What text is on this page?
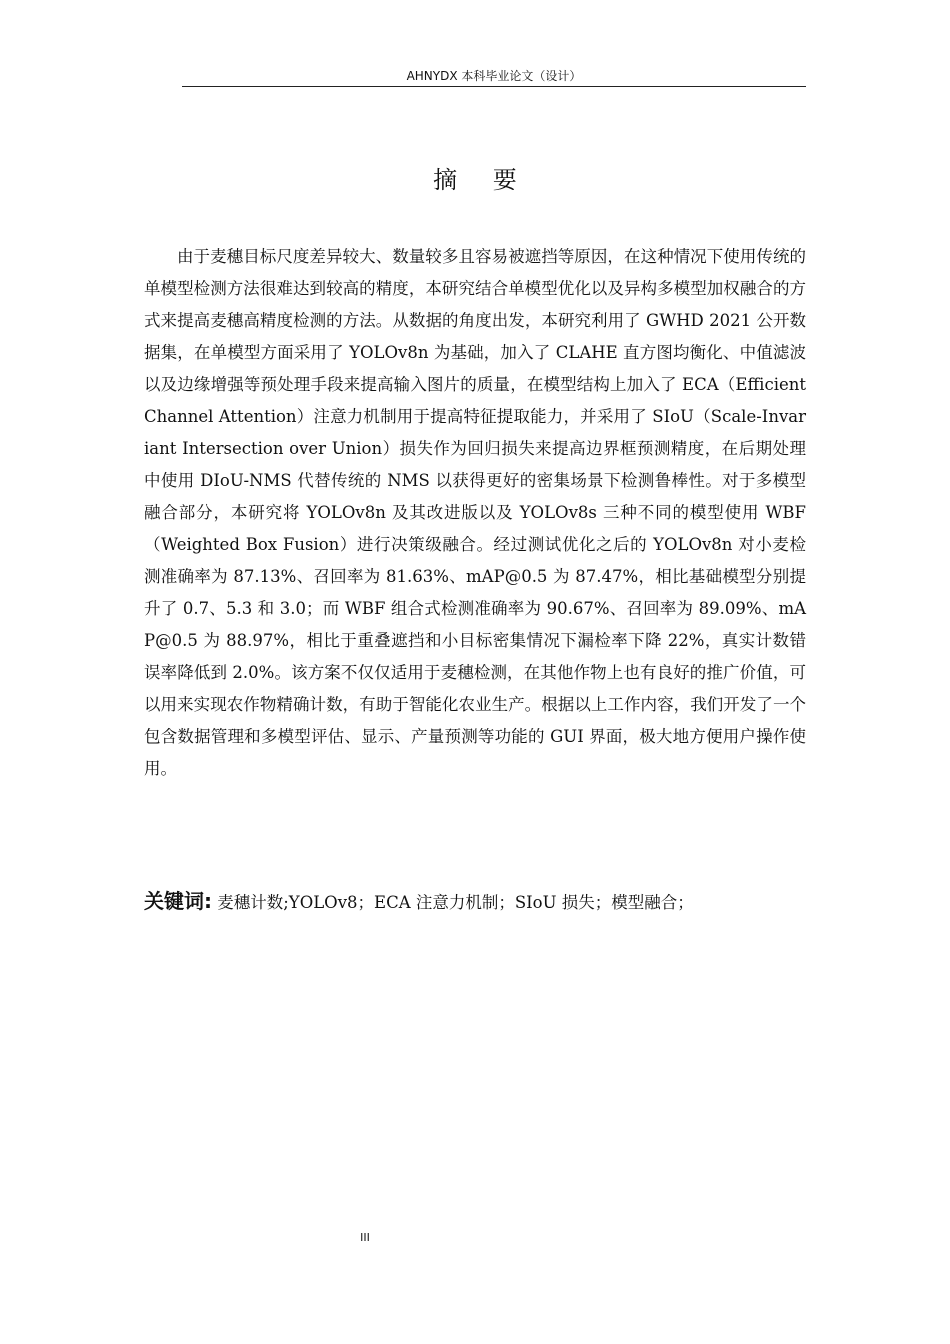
AHNYDX 本科毕业论文（设计）
摘 要

由于麦穗目标尺度差异较大、数量较多且容易被遮挡等原因，在这种情况下使用传统的单模型检测方法很难达到较高的精度，本研究结合单模型优化以及异构多模型加权融合的方式来提高麦穗高精度检测的方法。从数据的角度出发，本研究利用了 GWHD 2021 公开数据集，在单模型方面采用了 YOLOv8n 为基础，加入了 CLAHE 直方图均衡化、中值滤波以及边缘增强等预处理手段来提高输入图片的质量，在模型结构上加入了 ECA（Efficient Channel Attention）注意力机制用于提高特征提取能力，并采用了 SIoU（Scale-Invariant Intersection over Union）损失作为回归损失来提高边界框预测精度，在后期处理中使用 DIoU-NMS 代替传统的 NMS 以获得更好的密集场景下检测鲁棒性。对于多模型融合部分，本研究将 YOLOv8n 及其改进版以及 YOLOv8s 三种不同的模型使用 WBF（Weighted Box Fusion）进行决策级融合。经过测试优化之后的 YOLOv8n 对小麦检测准确率为 87.13%、召回率为 81.63%、mAP@0.5 为 87.47%，相比基础模型分别提升了 0.7、5.3 和 3.0；而 WBF 组合式检测准确率为 90.67%、召回率为 89.09%、mAP@0.5 为 88.97%，相比于重叠遮挡和小目标密集情况下漏检率下降 22%，真实计数错误率降低到 2.0%。该方案不仅仅适用于麦穗检测，在其他作物上也有良好的推广价值，可以用来实现农作物精确计数，有助于智能化农业生产。根据以上工作内容，我们开发了一个包含数据管理和多模型评估、显示、产量预测等功能的 GUI 界面，极大地方便用户操作使用。

关键词: 麦穗计数;YOLOv8；ECA 注意力机制；SIoU 损失；模型融合；
III
